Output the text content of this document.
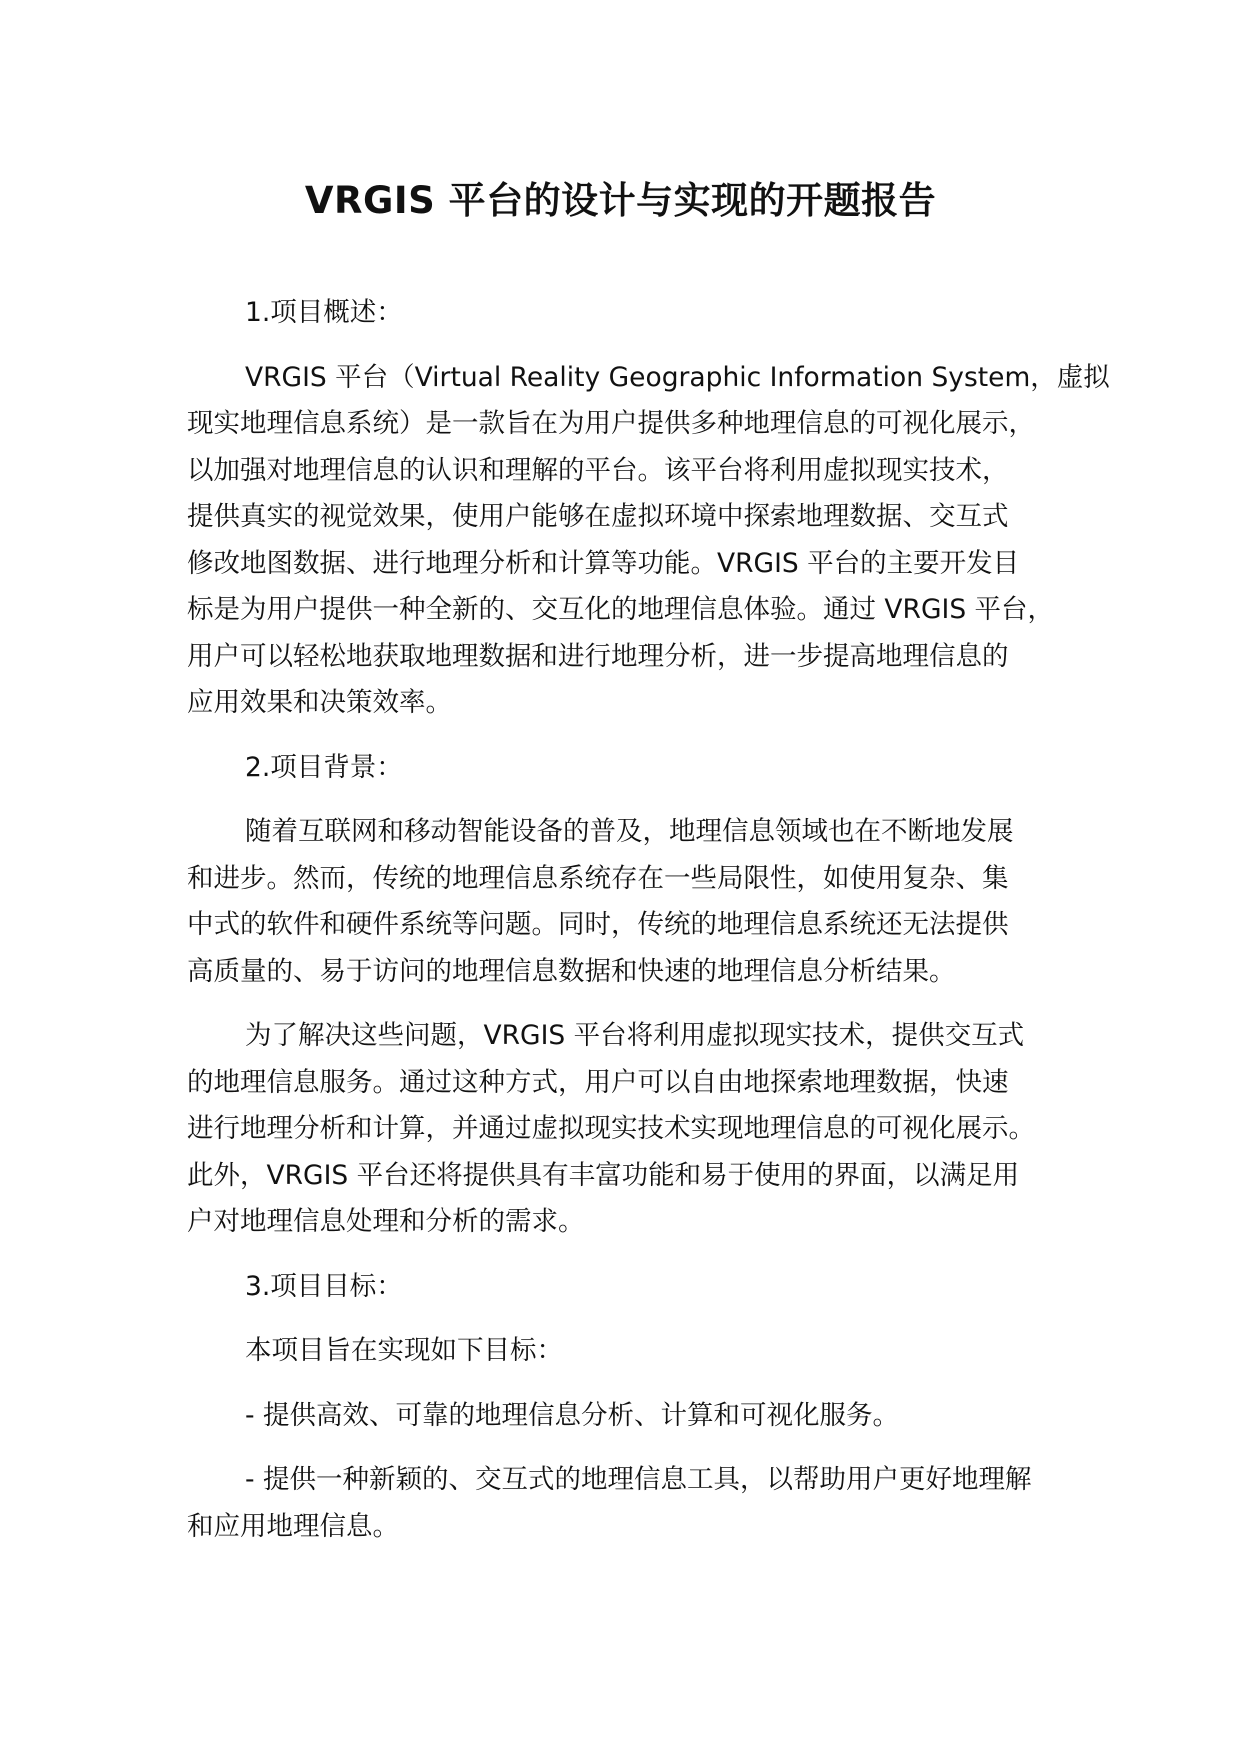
VRGIS 平台的设计与实现的开题报告
1.项目概述：
VRGIS 平台（Virtual Reality Geographic Information System，虚拟
现实地理信息系统）是一款旨在为用户提供多种地理信息的可视化展示，
以加强对地理信息的认识和理解的平台。该平台将利用虚拟现实技术，
提供真实的视觉效果，使用户能够在虚拟环境中探索地理数据、交互式
修改地图数据、进行地理分析和计算等功能。VRGIS 平台的主要开发目
标是为用户提供一种全新的、交互化的地理信息体验。通过 VRGIS 平台，
用户可以轻松地获取地理数据和进行地理分析，进一步提高地理信息的
应用效果和决策效率。
2.项目背景：
随着互联网和移动智能设备的普及，地理信息领域也在不断地发展
和进步。然而，传统的地理信息系统存在一些局限性，如使用复杂、集
中式的软件和硬件系统等问题。同时，传统的地理信息系统还无法提供
高质量的、易于访问的地理信息数据和快速的地理信息分析结果。
为了解决这些问题，VRGIS 平台将利用虚拟现实技术，提供交互式
的地理信息服务。通过这种方式，用户可以自由地探索地理数据，快速
进行地理分析和计算，并通过虚拟现实技术实现地理信息的可视化展示。
此外，VRGIS 平台还将提供具有丰富功能和易于使用的界面，以满足用
户对地理信息处理和分析的需求。
3.项目目标：
本项目旨在实现如下目标：
- 提供高效、可靠的地理信息分析、计算和可视化服务。
- 提供一种新颖的、交互式的地理信息工具，以帮助用户更好地理解
和应用地理信息。
